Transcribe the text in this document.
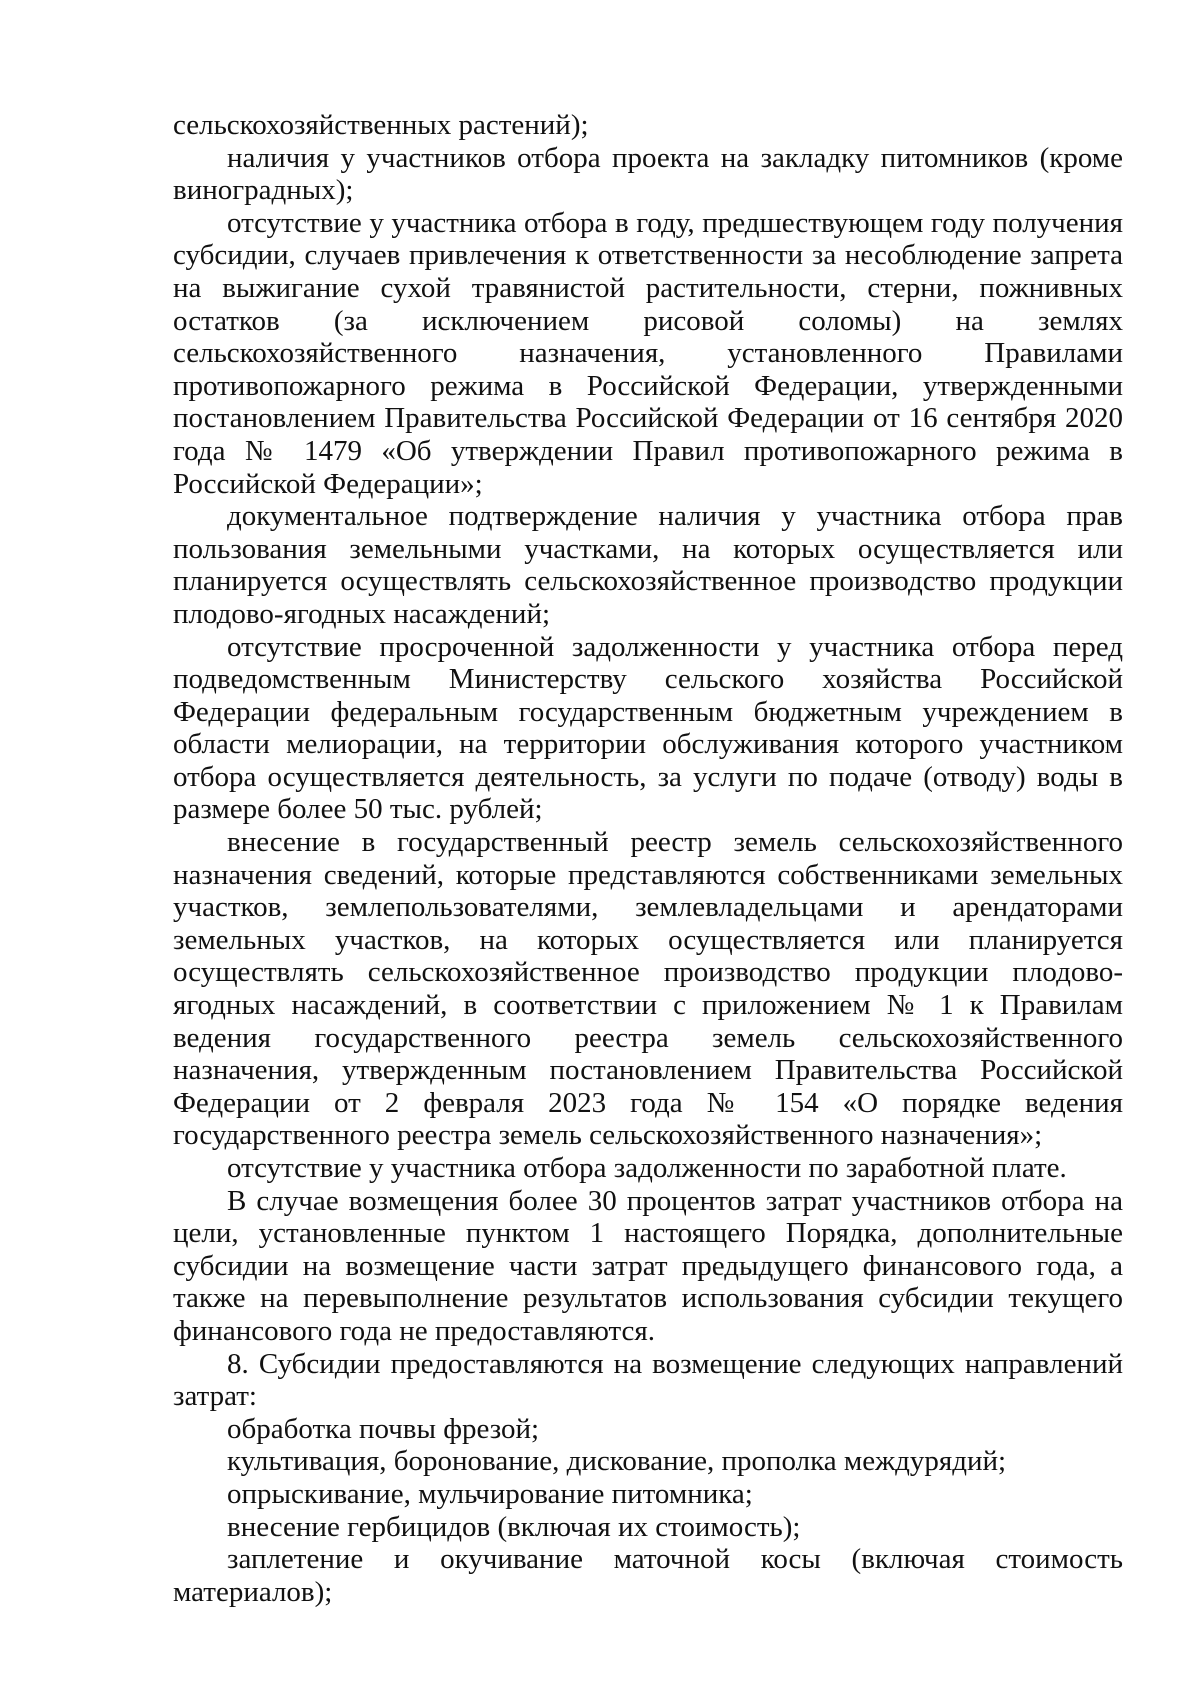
сельскохозяйственных растений);

наличия у участников отбора проекта на закладку питомников (кроме виноградных);

отсутствие у участника отбора в году, предшествующем году получения субсидии, случаев привлечения к ответственности за несоблюдение запрета на выжигание сухой травянистой растительности, стерни, пожнивных остатков (за исключением рисовой соломы) на землях сельскохозяйственного назначения, установленного Правилами противопожарного режима в Российской Федерации, утвержденными постановлением Правительства Российской Федерации от 16 сентября 2020 года № 1479 «Об утверждении Правил противопожарного режима в Российской Федерации»;

документальное подтверждение наличия у участника отбора прав пользования земельными участками, на которых осуществляется или планируется осуществлять сельскохозяйственное производство продукции плодово-ягодных насаждений;

отсутствие просроченной задолженности у участника отбора перед подведомственным Министерству сельского хозяйства Российской Федерации федеральным государственным бюджетным учреждением в области мелиорации, на территории обслуживания которого участником отбора осуществляется деятельность, за услуги по подаче (отводу) воды в размере более 50 тыс. рублей;

внесение в государственный реестр земель сельскохозяйственного назначения сведений, которые представляются собственниками земельных участков, землепользователями, землевладельцами и арендаторами земельных участков, на которых осуществляется или планируется осуществлять сельскохозяйственное производство продукции плодово-ягодных насаждений, в соответствии с приложением № 1 к Правилам ведения государственного реестра земель сельскохозяйственного назначения, утвержденным постановлением Правительства Российской Федерации от 2 февраля 2023 года № 154 «О порядке ведения государственного реестра земель сельскохозяйственного назначения»;

отсутствие у участника отбора задолженности по заработной плате.

В случае возмещения более 30 процентов затрат участников отбора на цели, установленные пунктом 1 настоящего Порядка, дополнительные субсидии на возмещение части затрат предыдущего финансового года, а также на перевыполнение результатов использования субсидии текущего финансового года не предоставляются.

8. Субсидии предоставляются на возмещение следующих направлений затрат:

обработка почвы фрезой;

культивация, боронование, дискование, прополка междурядий;

опрыскивание, мульчирование питомника;

внесение гербицидов (включая их стоимость);

заплетение и окучивание маточной косы (включая стоимость материалов);
